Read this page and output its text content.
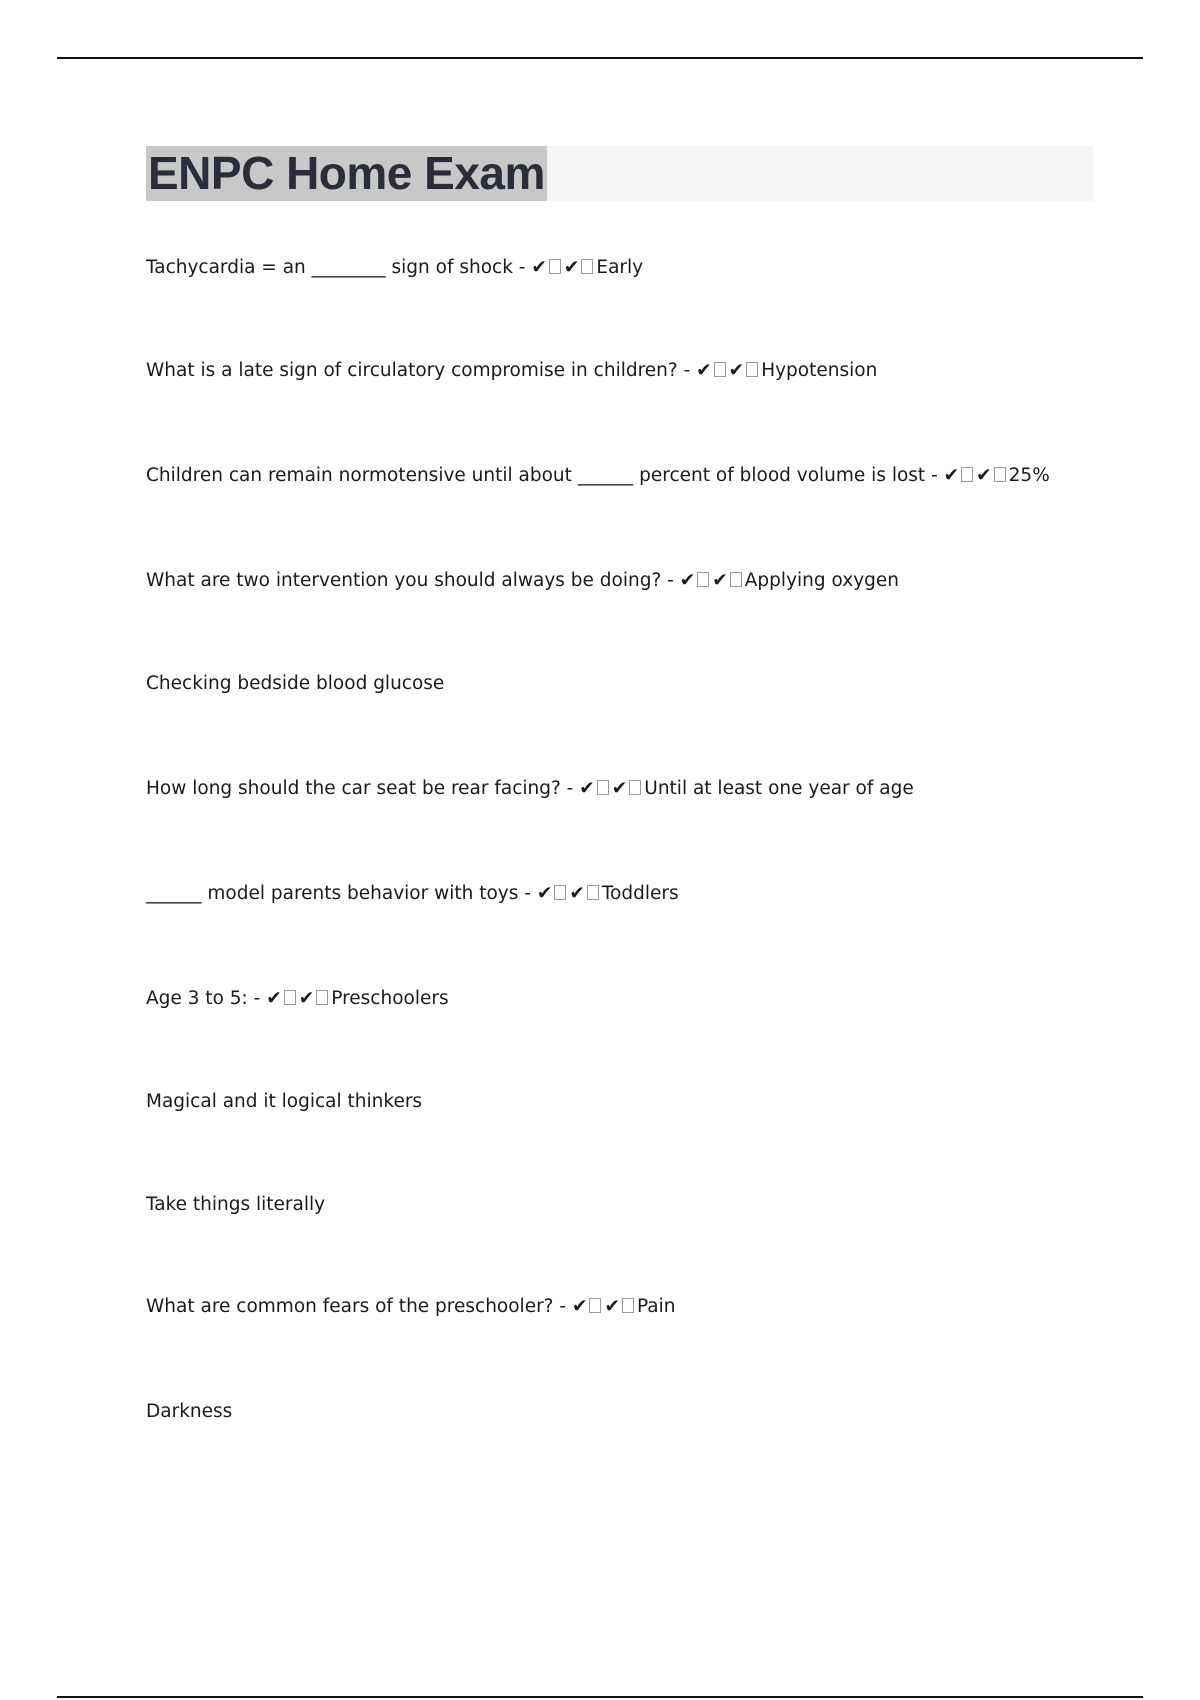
ENPC Home Exam
Tachycardia = an ________ sign of shock - ✔ ✔ Early
What is a late sign of circulatory compromise in children? - ✔ ✔ Hypotension
Children can remain normotensive until about ______ percent of blood volume is lost - ✔ ✔ 25%
What are two intervention you should always be doing? - ✔ ✔ Applying oxygen
Checking bedside blood glucose
How long should the car seat be rear facing? - ✔ ✔ Until at least one year of age
______ model parents behavior with toys - ✔ ✔ Toddlers
Age 3 to 5: - ✔ ✔ Preschoolers
Magical and it logical thinkers
Take things literally
What are common fears of the preschooler? - ✔ ✔ Pain
Darkness
